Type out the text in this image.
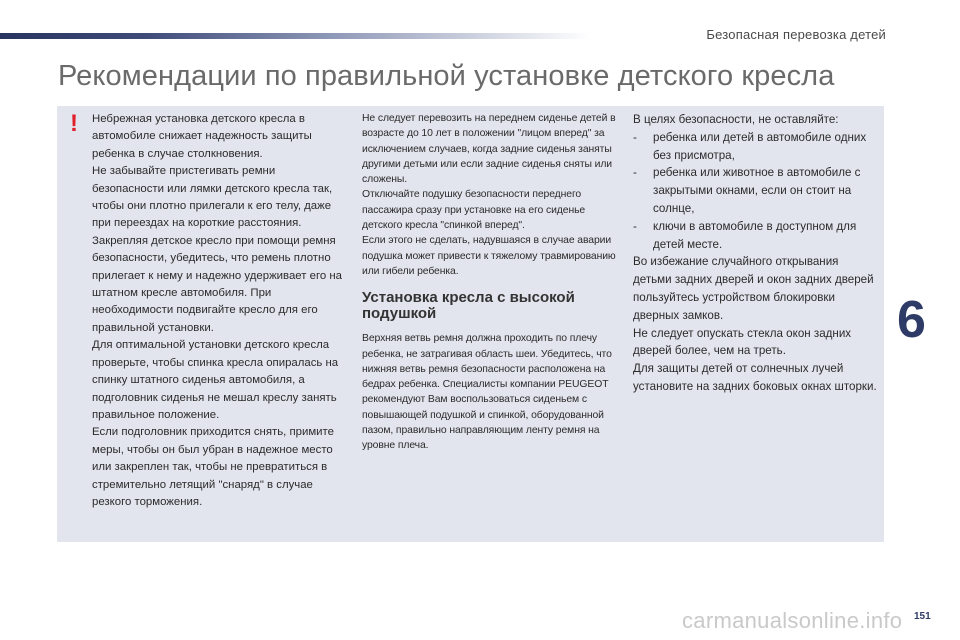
Безопасная перевозка детей
Рекомендации по правильной установке детского кресла
! Небрежная установка детского кресла в автомобиле снижает надежность защиты ребенка в случае столкновения.

Не забывайте пристегивать ремни безопасности или лямки детского кресла так, чтобы они плотно прилегали к его телу, даже при переездах на короткие расстояния.

Закрепляя детское кресло при помощи ремня безопасности, убедитесь, что ремень плотно прилегает к нему и надежно удерживает его на штатном кресле автомобиля. При необходимости подвигайте кресло для его правильной установки.

Для оптимальной установки детского кресла проверьте, чтобы спинка кресла опиралась на спинку штатного сиденья автомобиля, а подголовник сиденья не мешал креслу занять правильное положение.

Если подголовник приходится снять, примите меры, чтобы он был убран в надежное место или закреплен так, чтобы не превратиться в стремительно летящий "снаряд" в случае резкого торможения.

Не следует перевозить на переднем сиденье детей в возрасте до 10 лет в положении "лицом вперед" за исключением случаев, когда задние сиденья заняты другими детьми или если задние сиденья сняты или сложены.

Отключайте подушку безопасности переднего пассажира сразу при установке на его сиденье детского кресла "спинкой вперед".

Если этого не сделать, надувшаяся в случае аварии подушка может привести к тяжелому травмированию или гибели ребенка.

Установка кресла с высокой подушкой

Верхняя ветвь ремня должна проходить по плечу ребенка, не затрагивая область шеи. Убедитесь, что нижняя ветвь ремня безопасности расположена на бедрах ребенка. Специалисты компании PEUGEOT рекомендуют Вам воспользоваться сиденьем с повышающей подушкой и спинкой, оборудованной пазом, правильно направляющим ленту ремня на уровне плеча.

В целях безопасности, не оставляйте:

-	ребенка или детей в автомобиле одних без присмотра,
-	ребенка или животное в автомобиле с закрытыми окнами, если он стоит на солнце,
-	ключи в автомобиле в доступном для детей месте.

Во избежание случайного открывания детьми задних дверей и окон задних дверей пользуйтесь устройством блокировки дверных замков.

Не следует опускать стекла окон задних дверей более, чем на треть.

Для защиты детей от солнечных лучей установите на задних боковых окнах шторки.

6
carmanualsonline.info 151
